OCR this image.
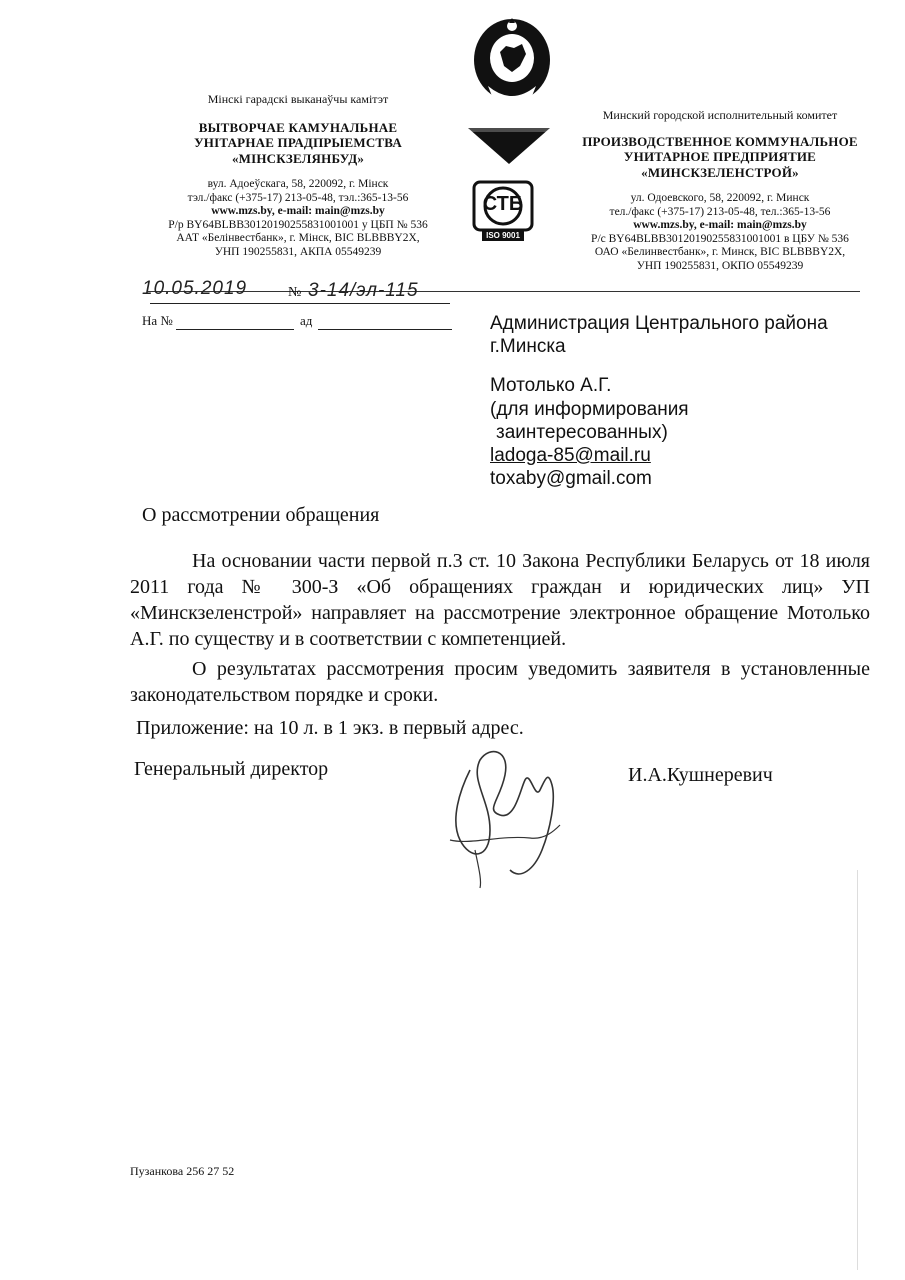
СТБ
ISO 9001
Мінскі гарадскі выканаўчы камітэт
ВЫТВОРЧАЕ КАМУНАЛЬНАЕ
УНІТАРНАЕ ПРАДПРЫЕМСТВА
«МІНСКЗЕЛЯНБУД»
вул. Адоеўскага, 58, 220092, г. Мінск
тэл./факс (+375-17) 213-05-48, тэл.:365-13-56
www.mzs.by, e-mail: main@mzs.by
Р/р BY64BLBB30120190255831001001 у ЦБП № 536
ААТ «Белінвестбанк», г. Мінск, BIC BLBBBY2X,
УНП 190255831, АКПА 05549239
Минский городской исполнительный комитет
ПРОИЗВОДСТВЕННОЕ КОММУНАЛЬНОЕ
УНИТАРНОЕ ПРЕДПРИЯТИЕ
«МИНСКЗЕЛЕНСТРОЙ»
ул. Одоевского, 58, 220092, г. Минск
тел./факс (+375-17) 213-05-48, тел.:365-13-56
www.mzs.by, e-mail: main@mzs.by
Р/с BY64BLBB30120190255831001001 в ЦБУ № 536
ОАО «Белинвестбанк», г. Минск, BIC BLBBBY2X,
УНП 190255831, ОКПО 05549239
10.05.2019	№ 3-14/эл-115
На №	ад	Администрация Центрального района
г.Минска
Мотолько А.Г.
(для информирования
заинтересованных)
ladoga-85@mail.ru
toxaby@gmail.com
О рассмотрении обращения
На основании части первой п.3 ст. 10 Закона Республики Беларусь от 18 июля 2011 года № 300-З «Об обращениях граждан и юридических лиц» УП «Минскзеленстрой» направляет на рассмотрение электронное обращение Мотолько А.Г. по существу и в соответствии с компетенцией.
О результатах рассмотрения просим уведомить заявителя в установленные законодательством порядке и сроки.
Приложение: на 10 л. в 1 экз. в первый адрес.
Генеральный директор	И.А.Кушнеревич
Пузанкова 256 27 52
